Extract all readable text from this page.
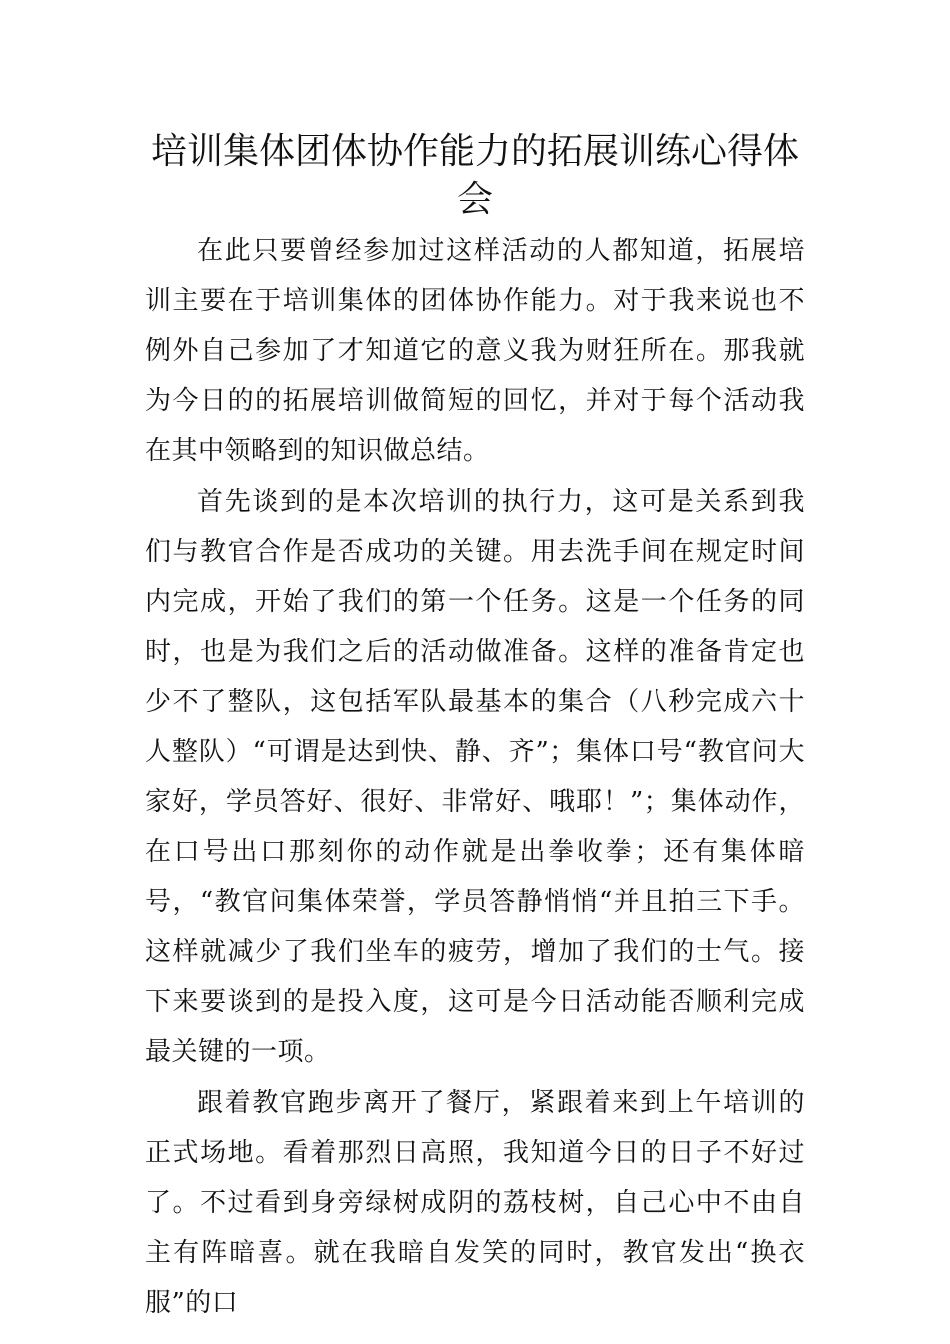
培训集体团体协作能力的拓展训练心得体会

在此只要曾经参加过这样活动的人都知道，拓展培训主要在于培训集体的团体协作能力。对于我来说也不例外自己参加了才知道它的意义我为财狂所在。那我就为今日的的拓展培训做简短的回忆，并对于每个活动我在其中领略到的知识做总结。

首先谈到的是本次培训的执行力，这可是关系到我们与教官合作是否成功的关键。用去洗手间在规定时间内完成，开始了我们的第一个任务。这是一个任务的同时，也是为我们之后的活动做准备。这样的准备肯定也少不了整队，这包括军队最基本的集合（八秒完成六十人整队）“可谓是达到快、静、齐”；集体口号“教官问大家好，学员答好、很好、非常好、哦耶！”；集体动作，在口号出口那刻你的动作就是出拳收拳；还有集体暗号，“教官问集体荣誉，学员答静悄悄“并且拍三下手。这样就减少了我们坐车的疲劳，增加了我们的士气。接下来要谈到的是投入度，这可是今日活动能否顺利完成最关键的一项。

跟着教官跑步离开了餐厅，紧跟着来到上午培训的正式场地。看着那烈日高照，我知道今日的日子不好过了。不过看到身旁绿树成阴的荔枝树，自己心中不由自主有阵暗喜。就在我暗自发笑的同时，教官发出“换衣服”的口
